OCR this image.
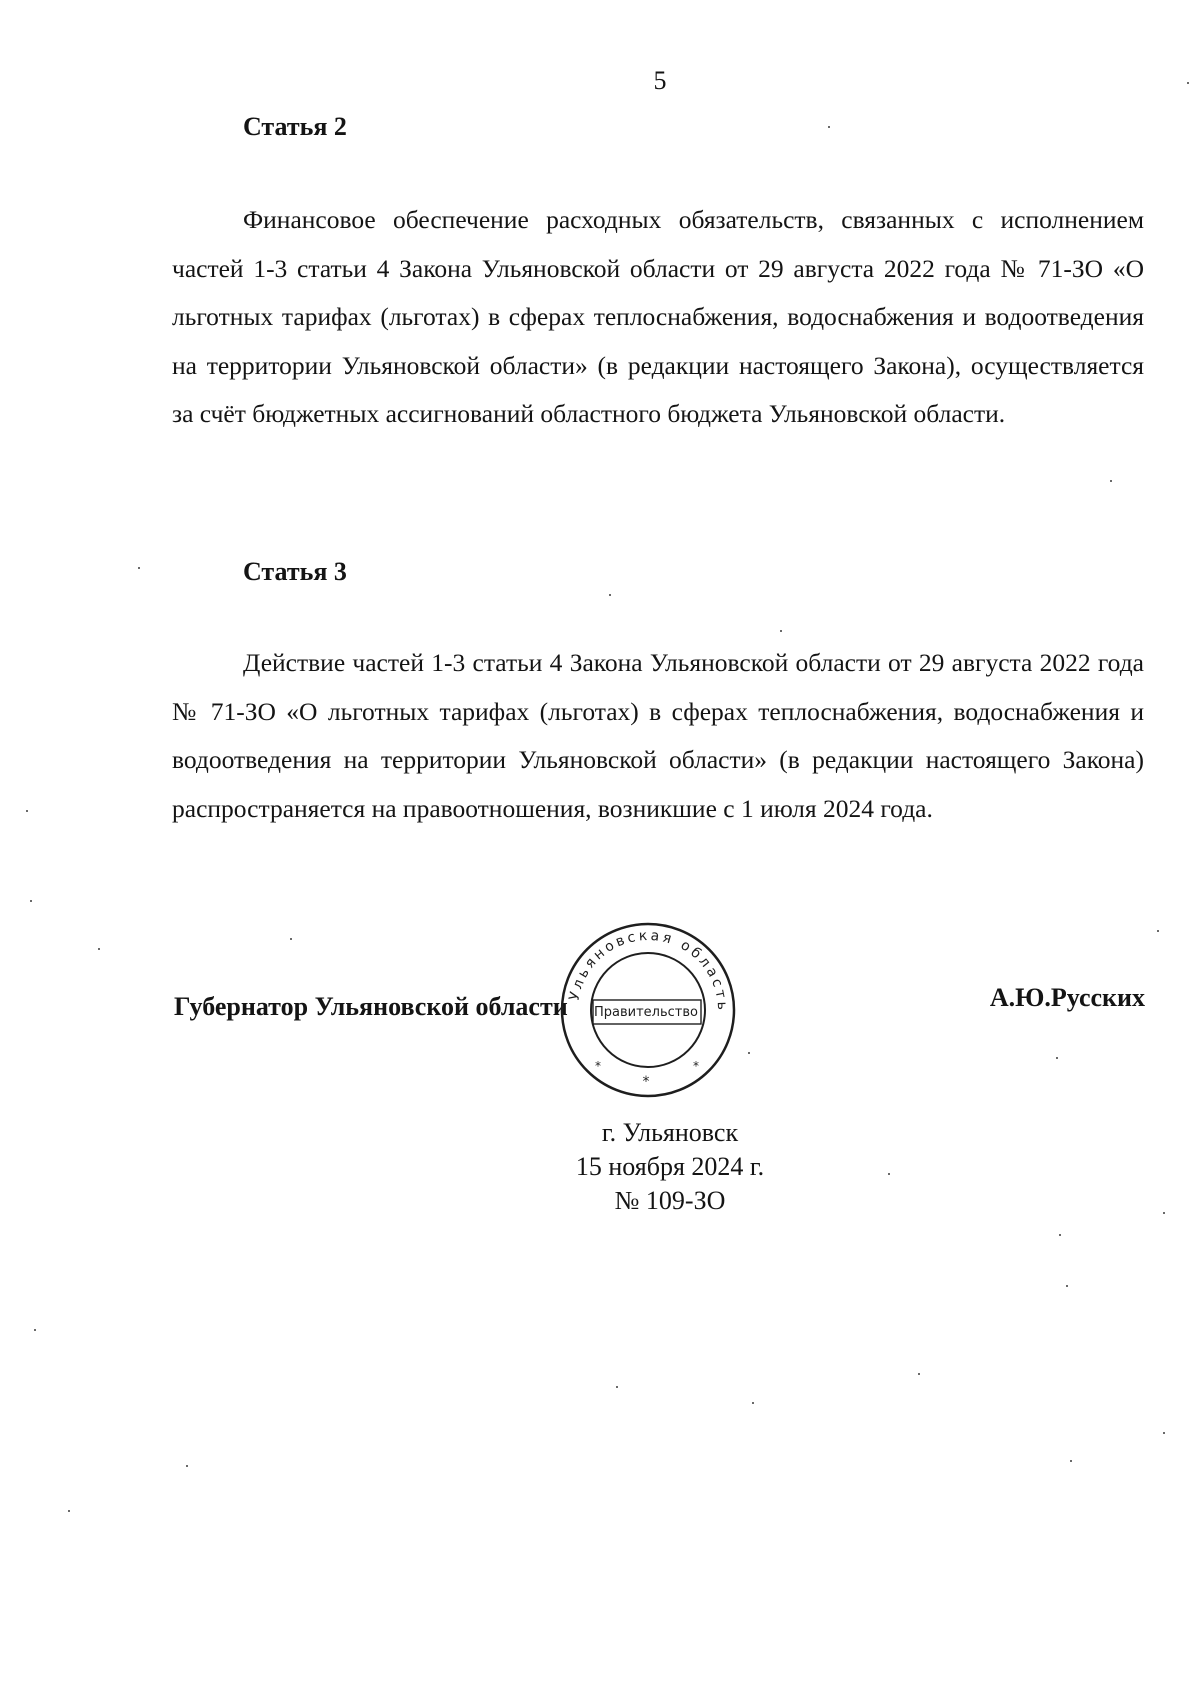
5
Статья 2

Финансовое обеспечение расходных обязательств, связанных с исполнением частей 1-3 статьи 4 Закона Ульяновской области от 29 августа 2022 года № 71-ЗО «О льготных тарифах (льготах) в сферах теплоснабжения, водоснабжения и водоотведения на территории Ульяновской области» (в редакции настоящего Закона), осуществляется за счёт бюджетных ассигнований областного бюджета Ульяновской области.

Статья 3

Действие частей 1-3 статьи 4 Закона Ульяновской области от 29 августа 2022 года № 71-ЗО «О льготных тарифах (льготах) в сферах теплоснабжения, водоснабжения и водоотведения на территории Ульяновской области» (в редакции настоящего Закона) распространяется на правоотношения, возникшие с 1 июля 2024 года.

Губернатор Ульяновской области	А.Ю.Русских
Ульяновская область
Правительство
*
*	*
г. Ульяновск
15 ноября 2024 г.
№ 109-ЗО
